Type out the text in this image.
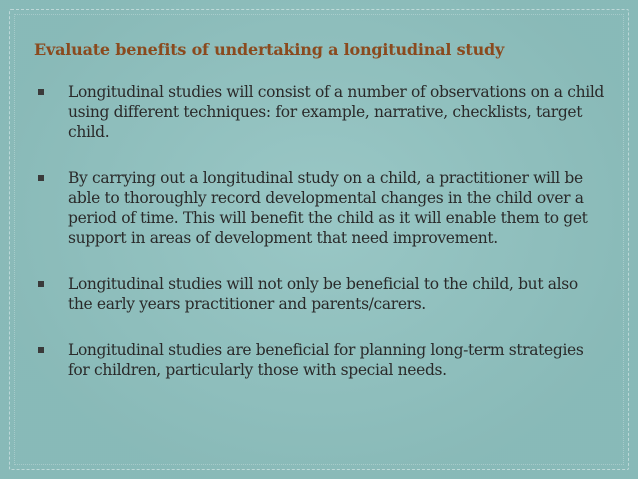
Evaluate benefits of undertaking a longitudinal study
Longitudinal studies will consist of a number of observations on a child using different techniques: for example, narrative, checklists, target child.
By carrying out a longitudinal study on a child, a practitioner will be able to thoroughly record developmental changes in the child over a period of time. This will benefit the child as it will enable them to get support in areas of development that need improvement.
Longitudinal studies will not only be beneficial to the child, but also the early years practitioner and parents/carers.
Longitudinal studies are beneficial for planning long-term strategies for children, particularly those with special needs.
